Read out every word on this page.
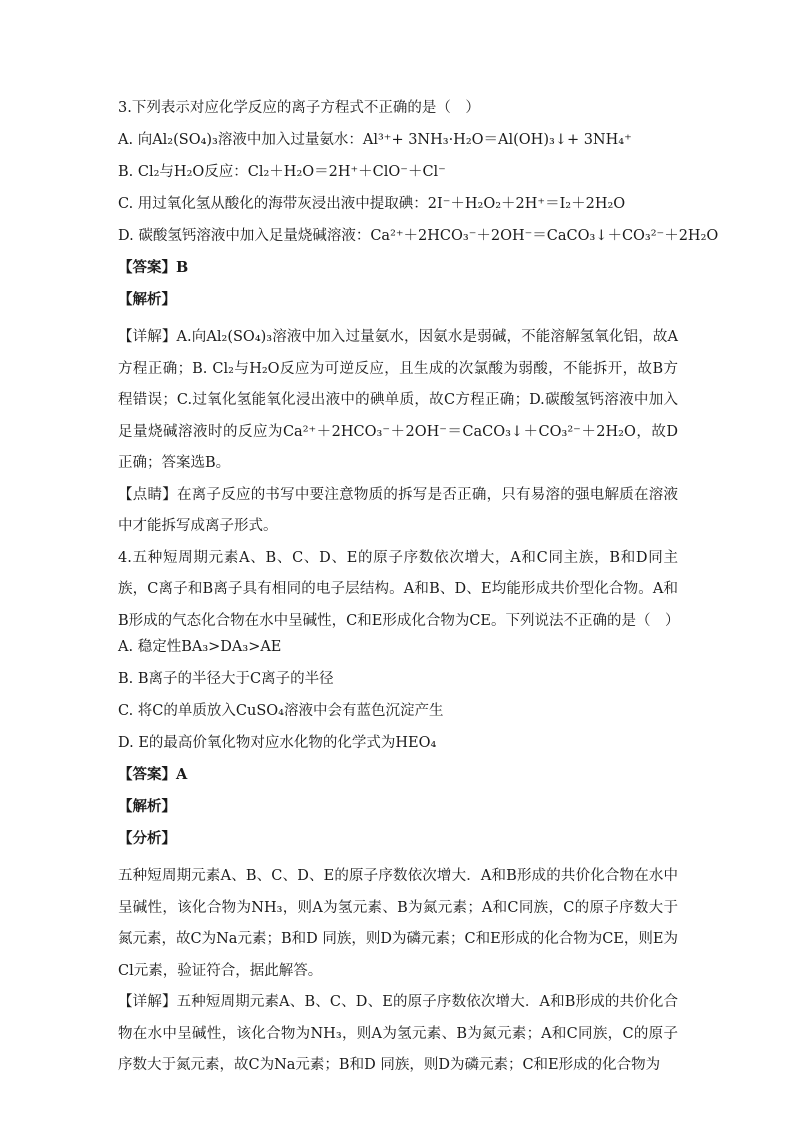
3.下列表示对应化学反应的离子方程式不正确的是（　）

A. 向Al₂(SO₄)₃溶液中加入过量氨水：Al³⁺+ 3NH₃·H₂O＝Al(OH)₃↓+ 3NH₄⁺

B. Cl₂与H₂O反应：Cl₂＋H₂O＝2H⁺＋ClO⁻＋Cl⁻

C. 用过氧化氢从酸化的海带灰浸出液中提取碘：2I⁻＋H₂O₂＋2H⁺＝I₂＋2H₂O

D. 碳酸氢钙溶液中加入足量烧碱溶液：Ca²⁺＋2HCO₃⁻＋2OH⁻＝CaCO₃↓＋CO₃²⁻＋2H₂O

【答案】B

【解析】

【详解】A.向Al₂(SO₄)₃溶液中加入过量氨水，因氨水是弱碱，不能溶解氢氧化铝，故A方程正确；B. Cl₂与H₂O反应为可逆反应，且生成的次氯酸为弱酸，不能拆开，故B方程错误；C.过氧化氢能氧化浸出液中的碘单质，故C方程正确；D.碳酸氢钙溶液中加入足量烧碱溶液时的反应为Ca²⁺＋2HCO₃⁻＋2OH⁻＝CaCO₃↓＋CO₃²⁻＋2H₂O，故D正确；答案选B。

【点睛】在离子反应的书写中要注意物质的拆写是否正确，只有易溶的强电解质在溶液中才能拆写成离子形式。

4.五种短周期元素A、B、C、D、E的原子序数依次增大，A和C同主族，B和D同主族，C离子和B离子具有相同的电子层结构。A和B、D、E均能形成共价型化合物。A和B形成的气态化合物在水中呈碱性，C和E形成化合物为CE。下列说法不正确的是（　）

A. 稳定性BA₃>DA₃>AE

B. B离子的半径大于C离子的半径

C. 将C的单质放入CuSO₄溶液中会有蓝色沉淀产生

D. E的最高价氧化物对应水化物的化学式为HEO₄

【答案】A

【解析】

【分析】

五种短周期元素A、B、C、D、E的原子序数依次增大．A和B形成的共价化合物在水中呈碱性，该化合物为NH₃，则A为氢元素、B为氮元素；A和C同族，C的原子序数大于氮元素，故C为Na元素；B和D 同族，则D为磷元素；C和E形成的化合物为CE，则E为Cl元素，验证符合，据此解答。

【详解】五种短周期元素A、B、C、D、E的原子序数依次增大．A和B形成的共价化合物在水中呈碱性，该化合物为NH₃，则A为氢元素、B为氮元素；A和C同族，C的原子序数大于氮元素，故C为Na元素；B和D 同族，则D为磷元素；C和E形成的化合物为
